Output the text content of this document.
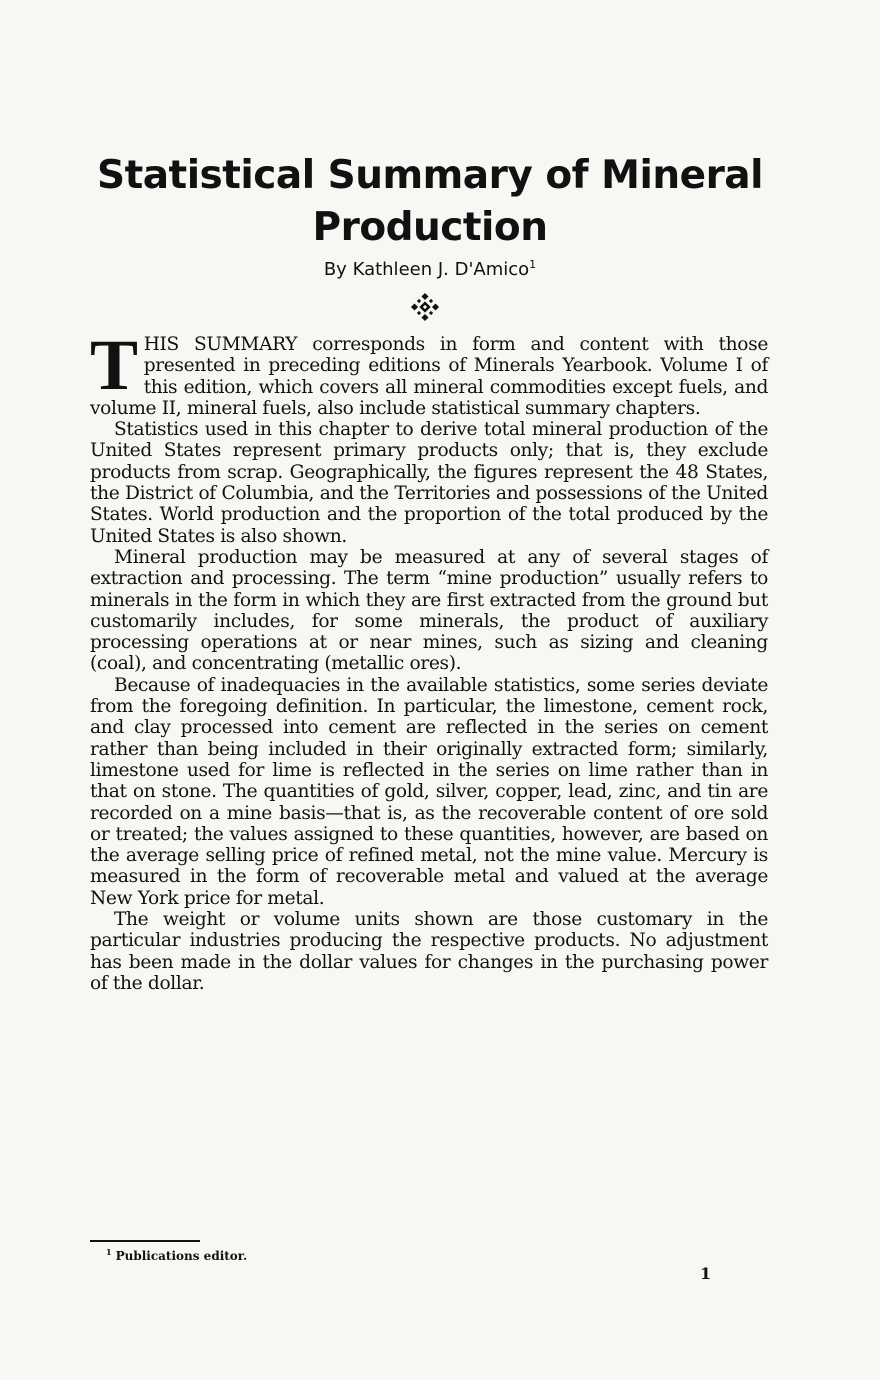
Statistical Summary of Mineral Production
By Kathleen J. D'Amico$^1$

THIS SUMMARY corresponds in form and content with those presented in preceding editions of Minerals Yearbook. Volume I of this edition, which covers all mineral commodities except fuels, and volume II, mineral fuels, also include statistical summary chapters.

Statistics used in this chapter to derive total mineral production of the United States represent primary products only; that is, they exclude products from scrap. Geographically, the figures represent the 48 States, the District of Columbia, and the Territories and possessions of the United States. World production and the proportion of the total produced by the United States is also shown.

Mineral production may be measured at any of several stages of extraction and processing. The term “mine production” usually refers to minerals in the form in which they are first extracted from the ground but customarily includes, for some minerals, the product of auxiliary processing operations at or near mines, such as sizing and cleaning (coal), and concentrating (metallic ores).

Because of inadequacies in the available statistics, some series deviate from the foregoing definition. In particular, the limestone, cement rock, and clay processed into cement are reflected in the series on cement rather than being included in their originally extracted form; similarly, limestone used for lime is reflected in the series on lime rather than in that on stone. The quantities of gold, silver, copper, lead, zinc, and tin are recorded on a mine basis—that is, as the recoverable content of ore sold or treated; the values assigned to these quantities, however, are based on the average selling price of refined metal, not the mine value. Mercury is measured in the form of recoverable metal and valued at the average New York price for metal.

The weight or volume units shown are those customary in the particular industries producing the respective products. No adjustment has been made in the dollar values for changes in the purchasing power of the dollar.

$^1$ Publications editor.
1
